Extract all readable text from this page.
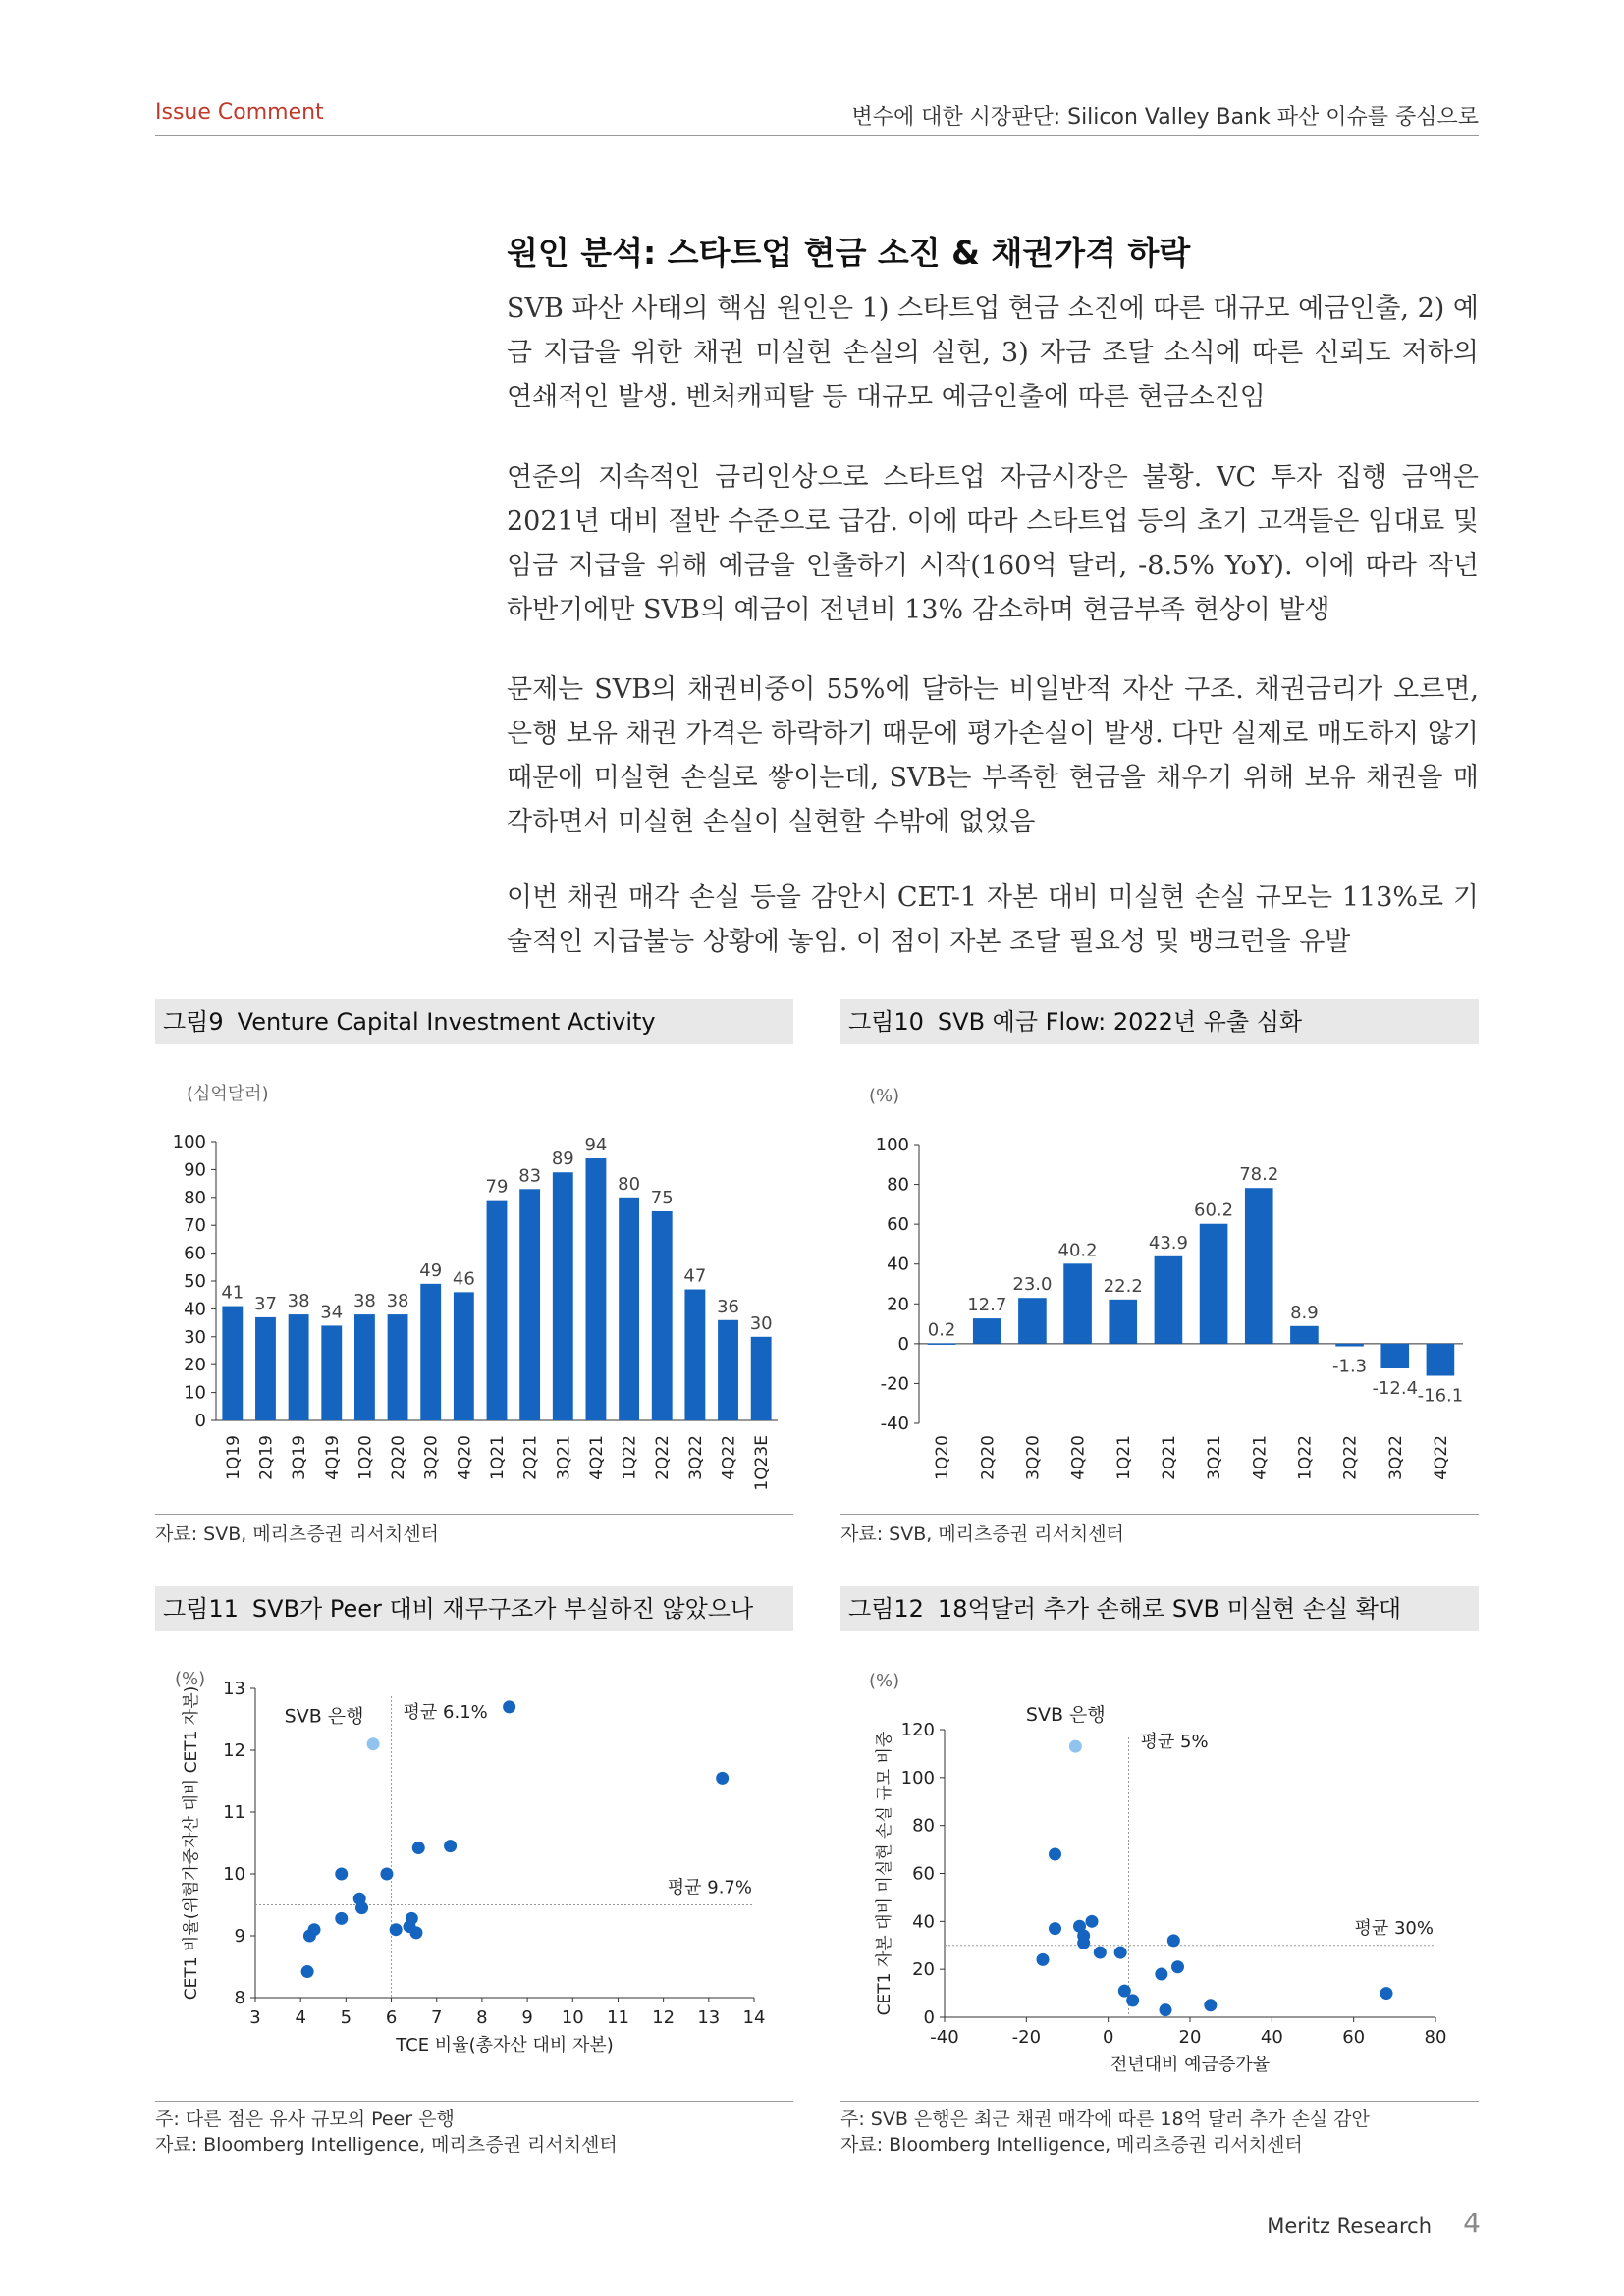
Issue Comment	변수에 대한 시장판단: Silicon Valley Bank 파산 이슈를 중심으로
원인 분석: 스타트업 현금 소진 & 채권가격 하락
SVB 파산 사태의 핵심 원인은 1) 스타트업 현금 소진에 따른 대규모 예금인출, 2) 예금 지급을 위한 채권 미실현 손실의 실현, 3) 자금 조달 소식에 따른 신뢰도 저하의 연쇄적인 발생. 벤처캐피탈 등 대규모 예금인출에 따른 현금소진임
연준의 지속적인 금리인상으로 스타트업 자금시장은 불황. VC 투자 집행 금액은 2021년 대비 절반 수준으로 급감. 이에 따라 스타트업 등의 초기 고객들은 임대료 및 임금 지급을 위해 예금을 인출하기 시작(160억 달러, -8.5% YoY). 이에 따라 작년 하반기에만 SVB의 예금이 전년비 13% 감소하며 현금부족 현상이 발생
문제는 SVB의 채권비중이 55%에 달하는 비일반적 자산 구조. 채권금리가 오르면, 은행 보유 채권 가격은 하락하기 때문에 평가손실이 발생. 다만 실제로 매도하지 않기 때문에 미실현 손실로 쌓이는데, SVB는 부족한 현금을 채우기 위해 보유 채권을 매각하면서 미실현 손실이 실현할 수밖에 없었음
이번 채권 매각 손실 등을 감안시 CET-1 자본 대비 미실현 손실 규모는 113%로 기술적인 지급불능 상황에 놓임. 이 점이 자본 조달 필요성 및 뱅크런을 유발
그림9 Venture Capital Investment Activity
(십억달러)
0
10
20
30
40
50
60
70
80
90
100
41
1Q19
37
2Q19
38
3Q19
34
4Q19
38
1Q20
38
2Q20
49
3Q20
46
4Q20
79
1Q21
83
2Q21
89
3Q21
94
4Q21
80
1Q22
75
2Q22
47
3Q22
36
4Q22
30
1Q23E
자료: SVB, 메리츠증권 리서치센터
그림10 SVB 예금 Flow: 2022년 유출 심화
(%)
-40
-20
0
20
40
60
80
100
0.2
1Q20
12.7
2Q20
23.0
3Q20
40.2
4Q20
22.2
1Q21
43.9
2Q21
60.2
3Q21
78.2
4Q21
8.9
1Q22
-1.3
2Q22
-12.4
3Q22
-16.1
4Q22
자료: SVB, 메리츠증권 리서치센터
그림11 SVB가 Peer 대비 재무구조가 부실하진 않았으나
(%)
8
9
10
11
12
13
3 4 5 6 7 8 9 10 11 12 13 14
TCE 비율(총자산 대비 자본)
CET1 비율(위험가중자산 대비 CET1 자본)	평균 6.1%
평균 9.7%
SVB 은행
주: 다른 점은 유사 규모의 Peer 은행
자료: Bloomberg Intelligence, 메리츠증권 리서치센터
그림12 18억달러 추가 손해로 SVB 미실현 손실 확대
(%)
0
20
40
60
80
100
120
-40	-20	0	20	40	60	80
전년대비 예금증가율
CET1 자본 대비 미실현 손실 규모 비중	평균 5%
평균 30%
SVB 은행
주: SVB 은행은 최근 채권 매각에 따른 18억 달러 추가 손실 감안
자료: Bloomberg Intelligence, 메리츠증권 리서치센터
Meritz Research 4
